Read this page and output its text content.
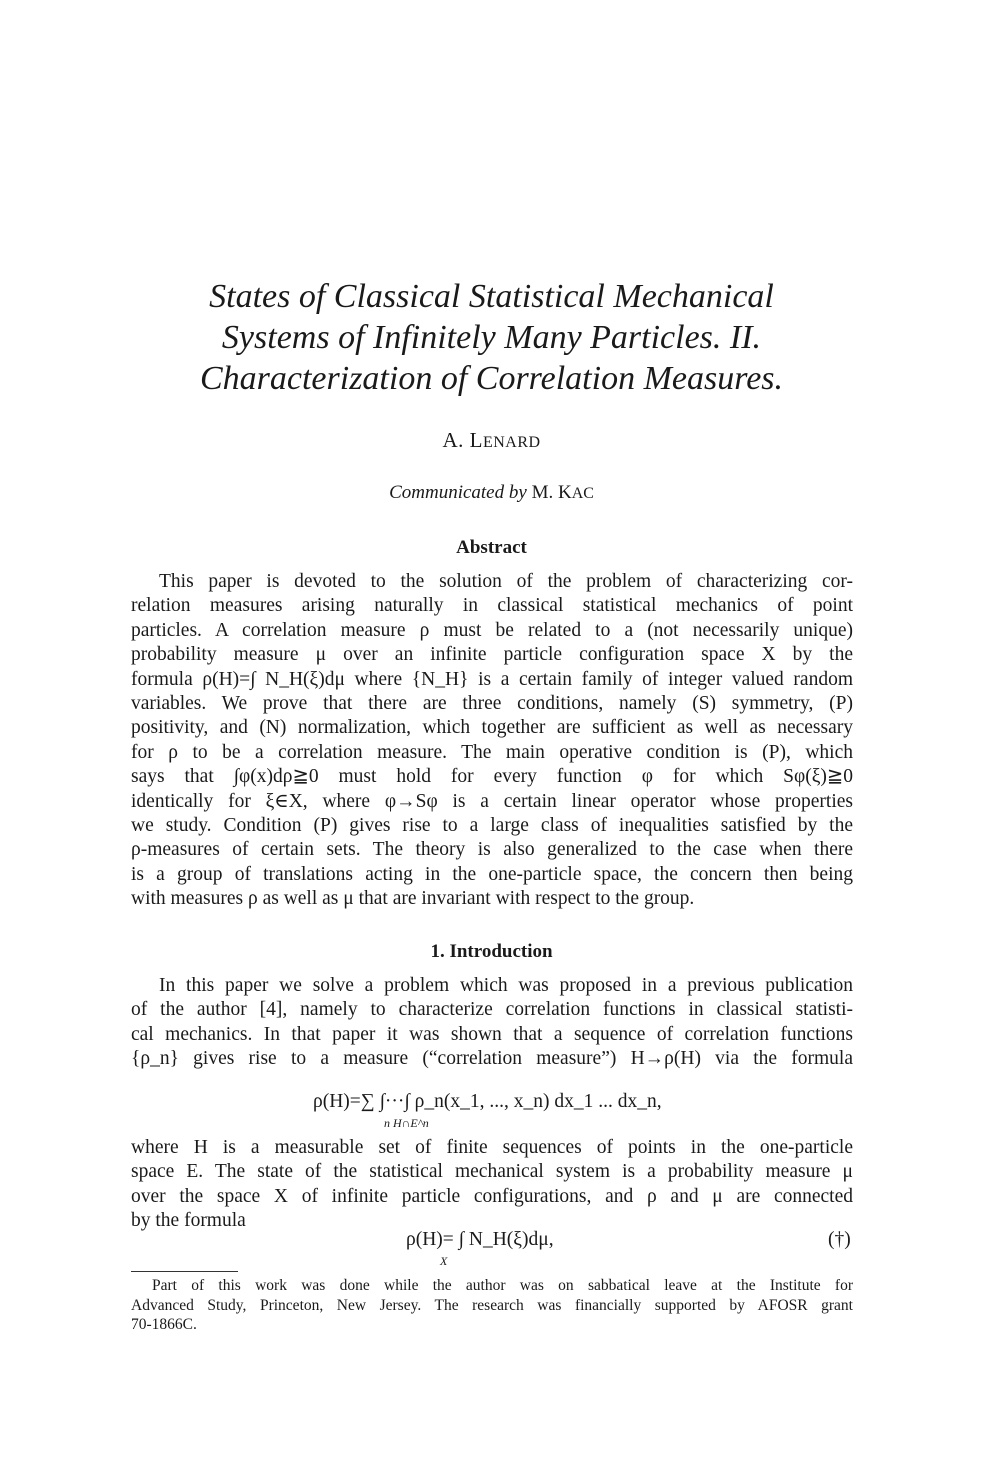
States of Classical Statistical Mechanical
Systems of Infinitely Many Particles. II.
Characterization of Correlation Measures.
A. LENARD
Communicated by M. KAC
Abstract
This paper is devoted to the solution of the problem of characterizing cor-
relation measures arising naturally in classical statistical mechanics of point
particles. A correlation measure ρ must be related to a (not necessarily unique)
probability measure μ over an infinite particle configuration space X by the
formula ρ(H)=∫ N_H(ξ)dμ where {N_H} is a certain family of integer valued random
variables. We prove that there are three conditions, namely (S) symmetry, (P)
positivity, and (N) normalization, which together are sufficient as well as necessary
for ρ to be a correlation measure. The main operative condition is (P), which
says that ∫φ(x)dρ≧0 must hold for every function φ for which Sφ(ξ)≧0
identically for ξ∈X, where φ→Sφ is a certain linear operator whose properties
we study. Condition (P) gives rise to a large class of inequalities satisfied by the
ρ-measures of certain sets. The theory is also generalized to the case when there
is a group of translations acting in the one-particle space, the concern then being
with measures ρ as well as μ that are invariant with respect to the group.
1. Introduction
In this paper we solve a problem which was proposed in a previous publication
of the author [4], namely to characterize correlation functions in classical statisti-
cal mechanics. In that paper it was shown that a sequence of correlation functions
{ρ_n} gives rise to a measure (“correlation measure”) H→ρ(H) via the formula
ρ(H)=∑ ∫···∫ ρ_n(x_1, ..., x_n) dx_1 ... dx_n,
n H∩E^n
where H is a measurable set of finite sequences of points in the one-particle
space E. The state of the statistical mechanical system is a probability measure μ
over the space X of infinite particle configurations, and ρ and μ are connected
by the formula
ρ(H)= ∫ N_H(ξ)dμ,
X
(†)
Part of this work was done while the author was on sabbatical leave at the Institute for
Advanced Study, Princeton, New Jersey. The research was financially supported by AFOSR grant
70-1866C.
